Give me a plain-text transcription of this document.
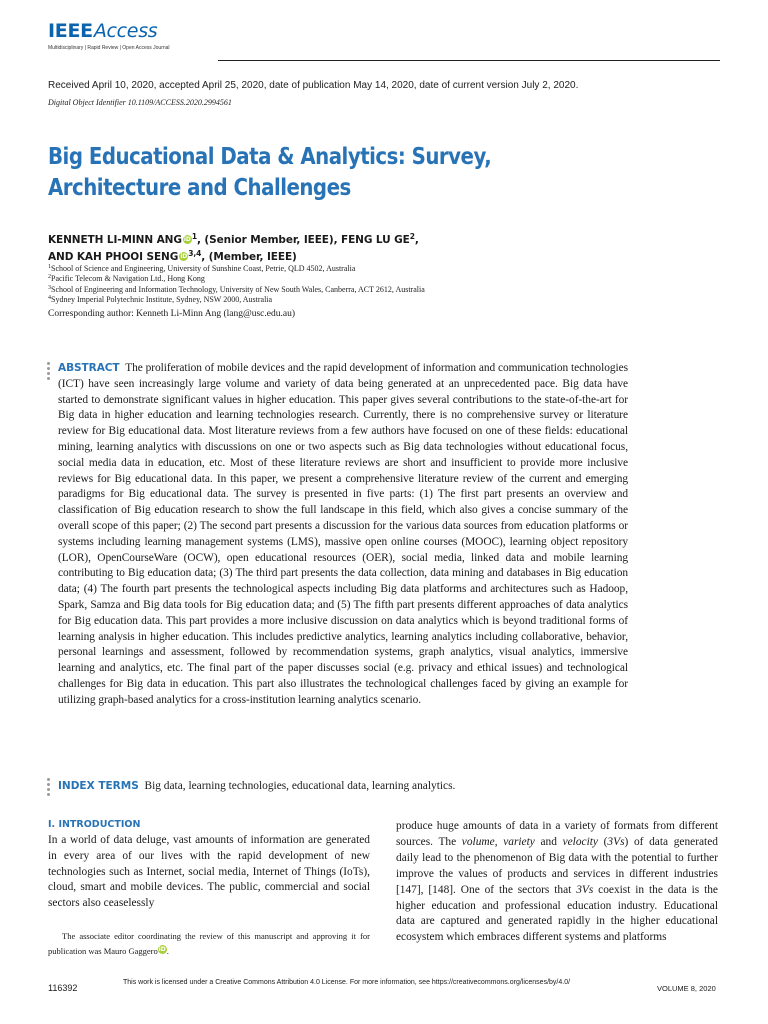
IEEEAccess
Multidisciplinary | Rapid Review | Open Access Journal
Received April 10, 2020, accepted April 25, 2020, date of publication May 14, 2020, date of current version July 2, 2020.
Digital Object Identifier 10.1109/ACCESS.2020.2994561
Big Educational Data & Analytics: Survey, Architecture and Challenges
KENNETH LI-MINN ANG $iD^1$, (Senior Member, IEEE), FENG LU $GE^2$,
AND KAH PHOOI SENG iD$^{3,4}$, (Member, IEEE)
$^1$School of Science and Engineering, University of Sunshine Coast, Petrie, QLD 4502, Australia
$^2$Pacific Telecom & Navigation Ltd., Hong Kong
$^3$School of Engineering and Information Technology, University of New South Wales, Canberra, ACT 2612, Australia
$^4$Sydney Imperial Polytechnic Institute, Sydney, NSW 2000, Australia
Corresponding author: Kenneth Li-Minn Ang (lang@usc.edu.au)
ABSTRACT The proliferation of mobile devices and the rapid development of information and communication technologies (ICT) have seen increasingly large volume and variety of data being generated at an unprecedented pace. Big data have started to demonstrate significant values in higher education. This paper gives several contributions to the state-of-the-art for Big data in higher education and learning technologies research. Currently, there is no comprehensive survey or literature review for Big educational data. Most literature reviews from a few authors have focused on one of these fields: educational mining, learning analytics with discussions on one or two aspects such as Big data technologies without educational focus, social media data in education, etc. Most of these literature reviews are short and insufficient to provide more inclusive reviews for Big educational data. In this paper, we present a comprehensive literature review of the current and emerging paradigms for Big educational data. The survey is presented in five parts: (1) The first part presents an overview and classification of Big education research to show the full landscape in this field, which also gives a concise summary of the overall scope of this paper; (2) The second part presents a discussion for the various data sources from education platforms or systems including learning management systems (LMS), massive open online courses (MOOC), learning object repository (LOR), OpenCourseWare (OCW), open educational resources (OER), social media, linked data and mobile learning contributing to Big education data; (3) The third part presents the data collection, data mining and databases in Big education data; (4) The fourth part presents the technological aspects including Big data platforms and architectures such as Hadoop, Spark, Samza and Big data tools for Big education data; and (5) The fifth part presents different approaches of data analytics for Big education data. This part provides a more inclusive discussion on data analytics which is beyond traditional forms of learning analysis in higher education. This includes predictive analytics, learning analytics including collaborative, behavior, personal learnings and assessment, followed by recommendation systems, graph analytics, visual analytics, immersive learning and analytics, etc. The final part of the paper discusses social (e.g. privacy and ethical issues) and technological challenges for Big data in education. This part also illustrates the technological challenges faced by giving an example for utilizing graph-based analytics for a cross-institution learning analytics scenario.
INDEX TERMS Big data, learning technologies, educational data, learning analytics.
I. INTRODUCTION
In a world of data deluge, vast amounts of information are generated in every area of our lives with the rapid development of new technologies such as Internet, social media, Internet of Things (IoTs), cloud, smart and mobile devices. The public, commercial and social sectors also ceaselessly
produce huge amounts of data in a variety of formats from different sources. The volume, variety and velocity (3Vs) of data generated daily lead to the phenomenon of Big data with the potential to further improve the values of products and services in different industries [147], [148]. One of the sectors that 3Vs coexist in the data is the higher education and professional education industry. Educational data are captured and generated rapidly in the higher educational ecosystem which embraces different systems and platforms
The associate editor coordinating the review of this manuscript and approving it for publication was Mauro GaggeroiD.
116392
This work is licensed under a Creative Commons Attribution 4.0 License. For more information, see https://creativecommons.org/licenses/by/4.0/
VOLUME 8, 2020
